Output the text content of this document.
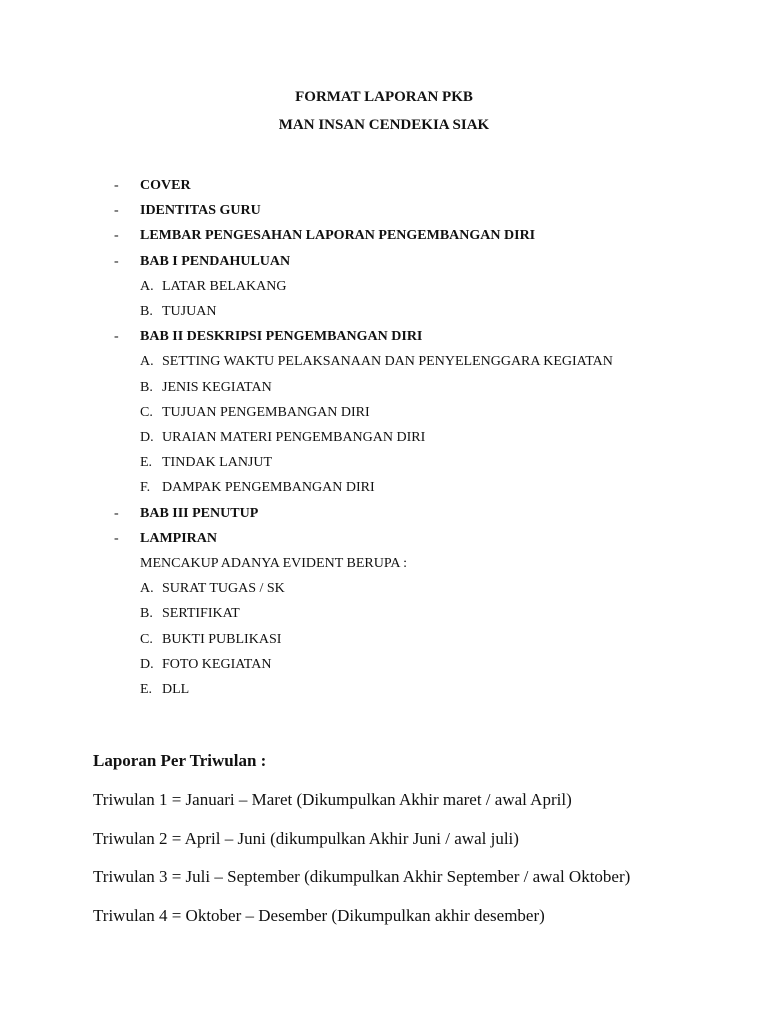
FORMAT LAPORAN PKB
MAN INSAN CENDEKIA SIAK
- COVER
- IDENTITAS GURU
- LEMBAR PENGESAHAN LAPORAN PENGEMBANGAN DIRI
- BAB I PENDAHULUAN
A. LATAR BELAKANG
B. TUJUAN
- BAB II DESKRIPSI PENGEMBANGAN DIRI
A. SETTING WAKTU PELAKSANAAN DAN PENYELENGGARA KEGIATAN
B. JENIS KEGIATAN
C. TUJUAN PENGEMBANGAN DIRI
D. URAIAN MATERI PENGEMBANGAN DIRI
E. TINDAK LANJUT
F. DAMPAK PENGEMBANGAN DIRI
- BAB III PENUTUP
- LAMPIRAN
MENCAKUP ADANYA EVIDENT BERUPA :
A. SURAT TUGAS / SK
B. SERTIFIKAT
C. BUKTI PUBLIKASI
D. FOTO KEGIATAN
E. DLL
Laporan Per Triwulan :
Triwulan 1 = Januari – Maret (Dikumpulkan Akhir maret / awal April)
Triwulan 2 = April – Juni (dikumpulkan Akhir Juni / awal juli)
Triwulan 3 = Juli – September (dikumpulkan Akhir September / awal Oktober)
Triwulan 4 = Oktober – Desember (Dikumpulkan akhir desember)
